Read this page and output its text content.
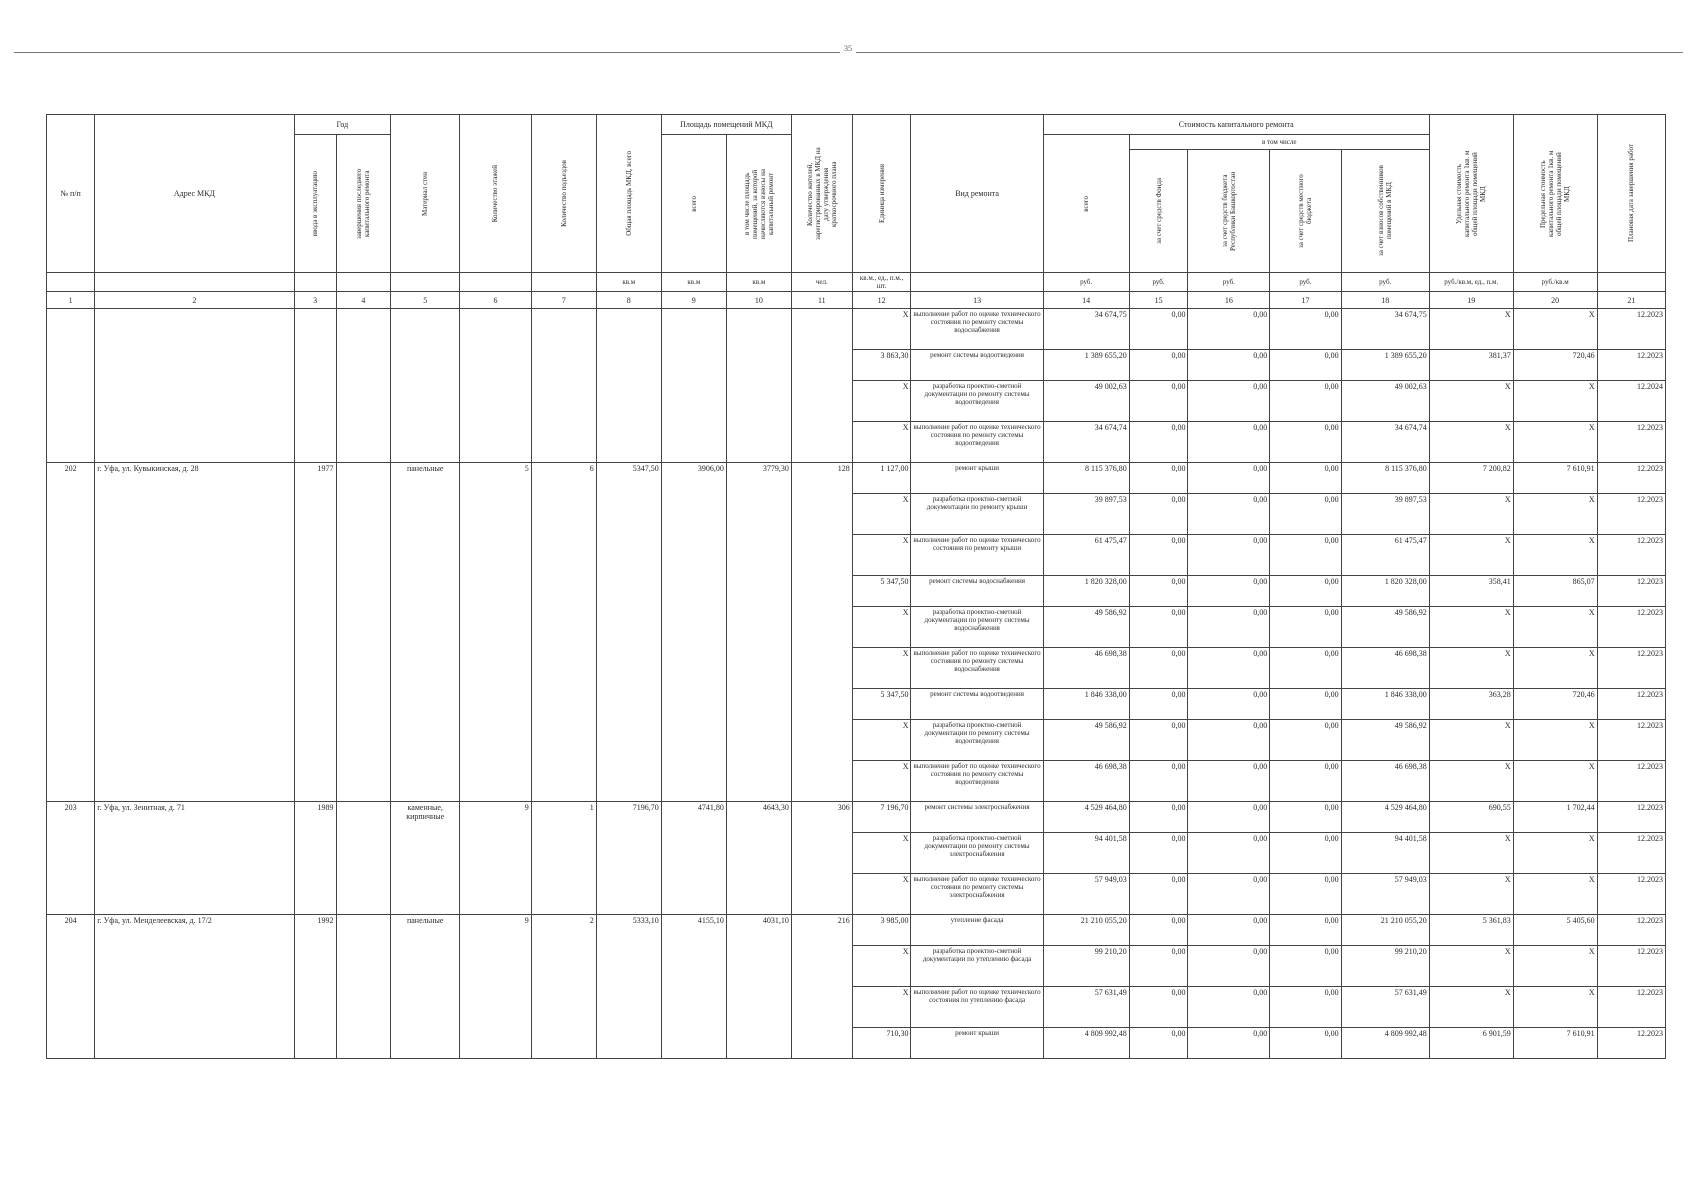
35
№ п/п	Адрес МКД	Год		Материал стен	Количество этажей	Количество подъездов	Общая площадь МКД, всего	Площадь помещений МКД		Количество жителей, зарегистрированных в МКД на дату утверждения краткосрочного плана	Единица измерения	Вид ремонта	Стоимость капитального ремонта					Удельная стоимость капитального ремонта 1кв. м общей площади помещений МКД	Предельная стоимость капитального ремонта 1кв. м общей площади помещений МКД	Плановая дата завершения работ

		ввода в эксплуатацию	завершения последнего капитального ремонта					всего	в том числе площадь помещений, за которой начисляются взносы на капитальный ремонт				всего	в том числе						

														за счет средств Фонда	за счет средств бюджета Республики Башкортостан	за счет средств местного бюджета	за счет взносов собственников помещений в МКД			

							кв.м	кв.м	кв.м	чел.	кв.м., ед., п.м., шт.		руб.	руб.	руб.	руб.	руб.	руб./кв.м, ед., п.м.	руб./кв.м	
1	2	3	4	5	6	7	8	9	10	11	12	13	14	15	16	17	18	19	20	21
											X	выполнение работ по оценке технического состояния по ремонту системы водоснабжения	34 674,75	0,00	0,00	0,00	34 674,75	X	X	12.2023
											3 863,30	ремонт системы водоотведения	1 389 655,20	0,00	0,00	0,00	1 389 655,20	381,37	720,46	12.2023
											X	разработка проектно-сметной документации по ремонту системы водоотведения	49 002,63	0,00	0,00	0,00	49 002,63	X	X	12.2024
											X	выполнение работ по оценке технического состояния по ремонту системы водоотведения	34 674,74	0,00	0,00	0,00	34 674,74	X	X	12.2023
202	г. Уфа, ул. Кувыкинская, д. 28	1977		панельные	5	6	5347,50	3906,00	3779,30	128	1 127,00	ремонт крыши	8 115 376,80	0,00	0,00	0,00	8 115 376,80	7 200,82	7 610,91	12.2023
											X	разработка проектно-сметной документации по ремонту крыши	39 897,53	0,00	0,00	0,00	39 897,53	X	X	12.2023
											X	выполнение работ по оценке технического состояния по ремонту крыши	61 475,47	0,00	0,00	0,00	61 475,47	X	X	12.2023
											5 347,50	ремонт системы водоснабжения	1 820 328,00	0,00	0,00	0,00	1 820 328,00	358,41	865,07	12.2023
											X	разработка проектно-сметной документации по ремонту системы водоснабжения	49 586,92	0,00	0,00	0,00	49 586,92	X	X	12.2023
											X	выполнение работ по оценке технического состояния по ремонту системы водоснабжения	46 698,38	0,00	0,00	0,00	46 698,38	X	X	12.2023
											5 347,50	ремонт системы водоотведения	1 846 338,00	0,00	0,00	0,00	1 846 338,00	363,28	720,46	12.2023
											X	разработка проектно-сметной документации по ремонту системы водоотведения	49 586,92	0,00	0,00	0,00	49 586,92	X	X	12.2023
											X	выполнение работ по оценке технического состояния по ремонту системы водоотведения	46 698,38	0,00	0,00	0,00	46 698,38	X	X	12.2023
203	г. Уфа, ул. Зенитная, д. 71	1989		каменные, кирпичные	9	1	7196,70	4741,80	4643,30	306	7 196,70	ремонт системы электроснабжения	4 529 464,80	0,00	0,00	0,00	4 529 464,80	690,55	1 702,44	12.2023
											X	разработка проектно-сметной документации по ремонту системы электроснабжения	94 401,58	0,00	0,00	0,00	94 401,58	X	X	12.2023
											X	выполнение работ по оценке технического состояния по ремонту системы электроснабжения	57 949,03	0,00	0,00	0,00	57 949,03	X	X	12.2023
204	г. Уфа, ул. Менделеевская, д. 17/2	1992		панельные	9	2	5333,10	4155,10	4031,10	216	3 985,00	утепление фасада	21 210 055,20	0,00	0,00	0,00	21 210 055,20	5 361,83	5 405,60	12.2023
											X	разработка проектно-сметной документации по утеплению фасада	99 210,20	0,00	0,00	0,00	99 210,20	X	X	12.2023
											X	выполнение работ по оценке технического состояния по утеплению фасада	57 631,49	0,00	0,00	0,00	57 631,49	X	X	12.2023
											710,30	ремонт крыши	4 809 992,48	0,00	0,00	0,00	4 809 992,48	6 901,59	7 610,91	12.2023
